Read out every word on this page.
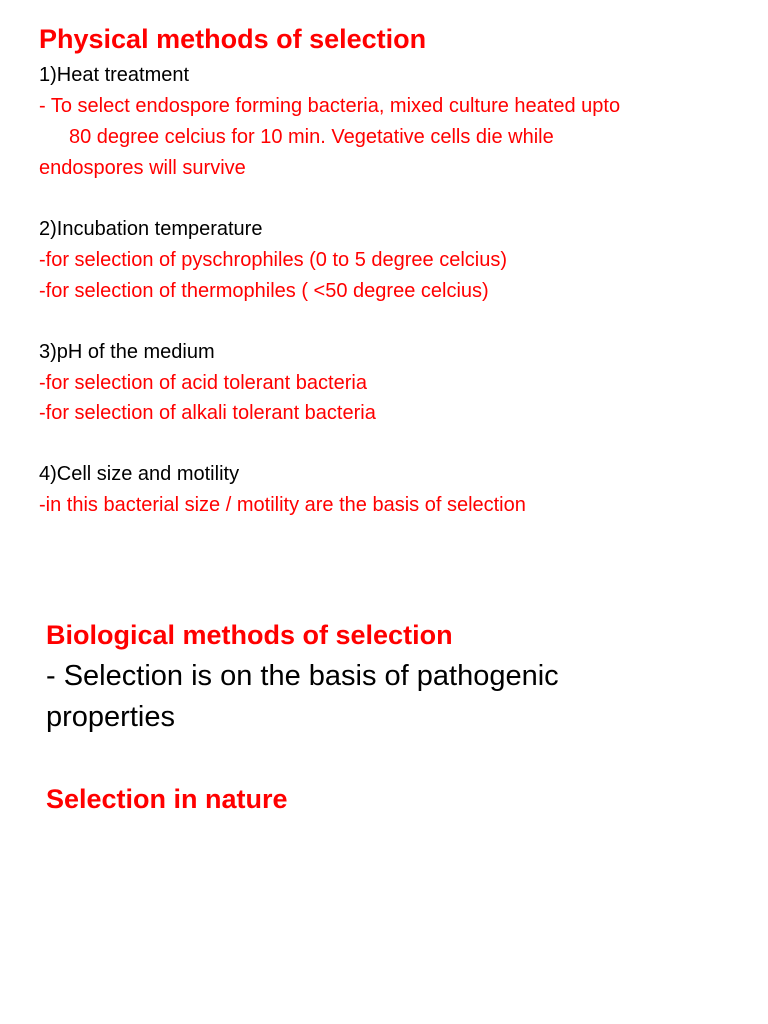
Physical methods of selection
1)Heat treatment
- To select endospore forming bacteria, mixed culture heated upto
80 degree celcius for 10 min. Vegetative cells die while
endospores will survive
2)Incubation temperature
-for selection of pyschrophiles (0 to 5 degree celcius)
-for selection of thermophiles ( <50 degree celcius)
3)pH of the medium
-for selection of acid tolerant bacteria
-for selection of alkali tolerant bacteria
4)Cell size and motility
-in this bacterial size / motility are the basis of selection
Biological methods of selection
- Selection is on the basis of pathogenic
properties
Selection in nature
